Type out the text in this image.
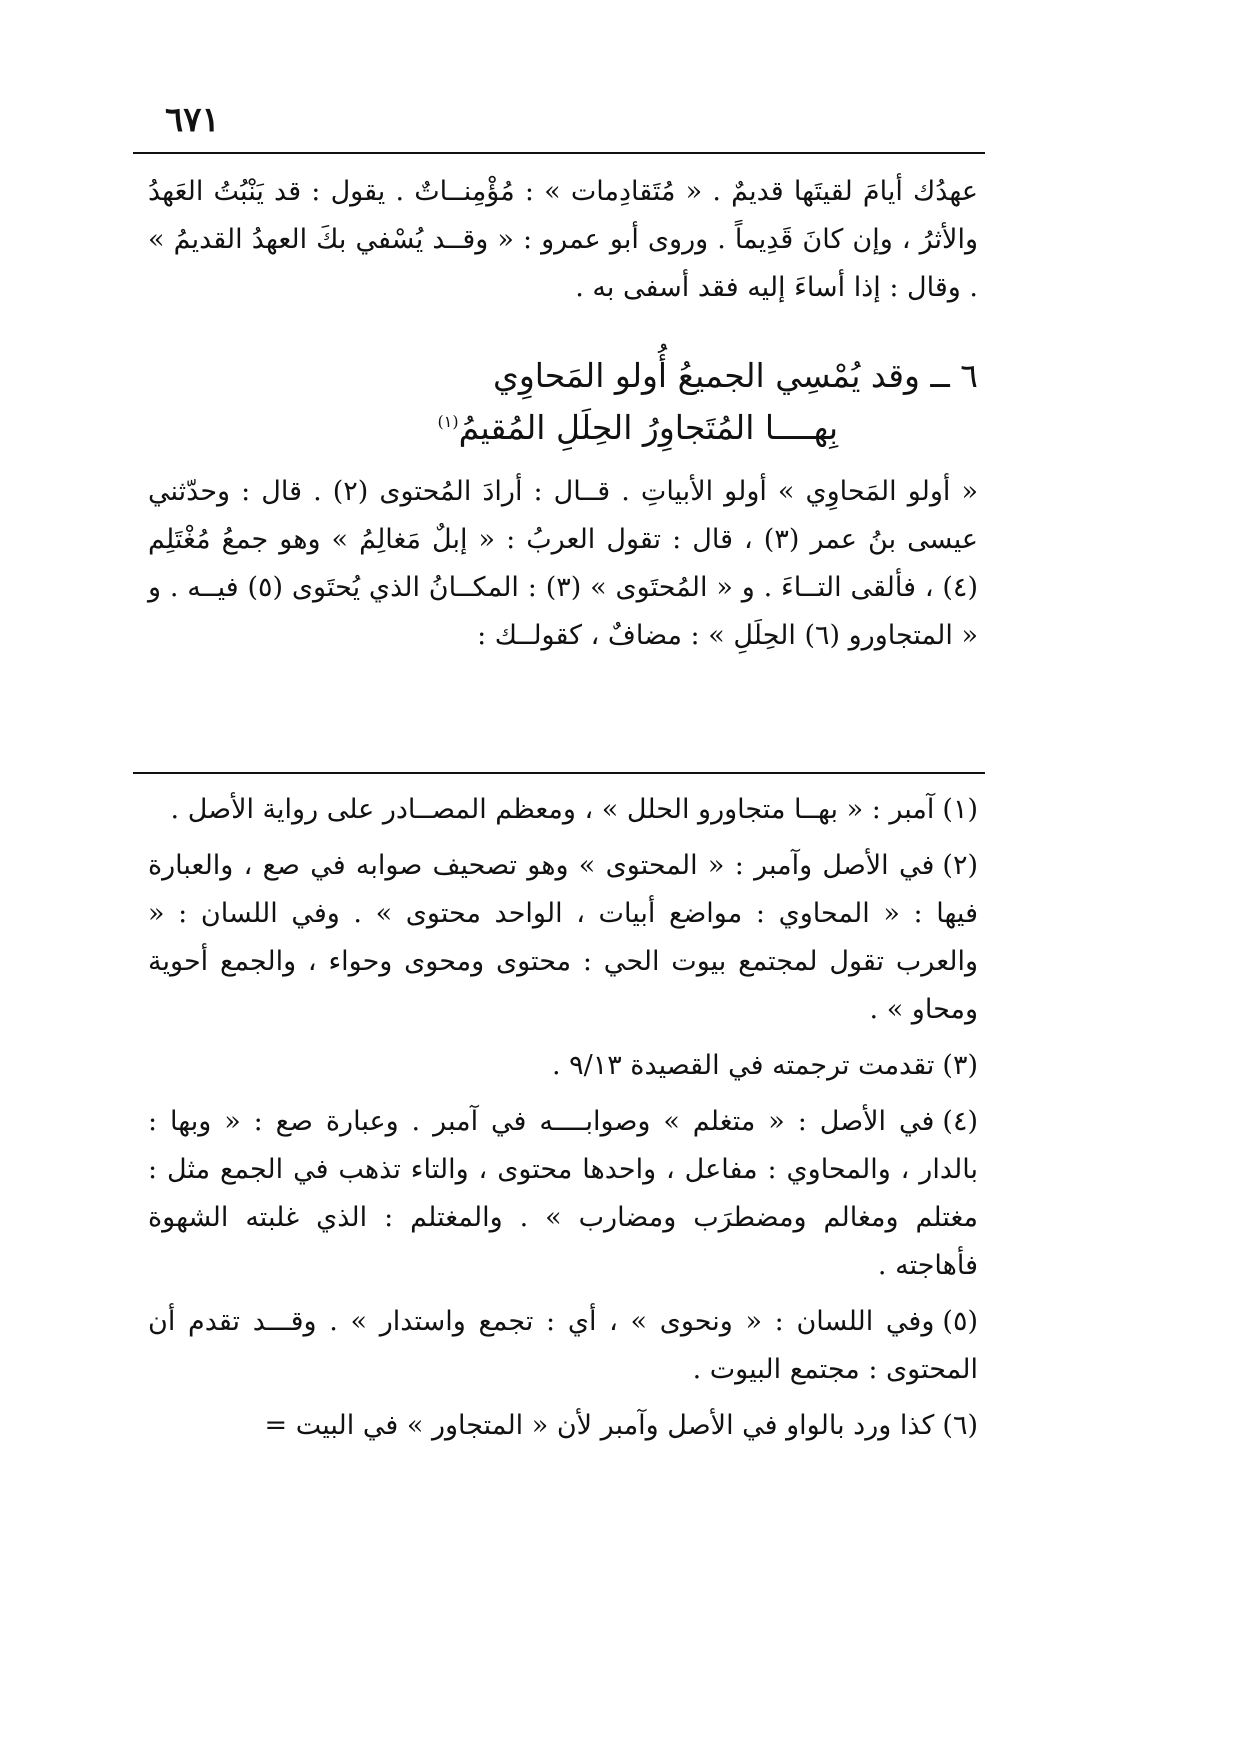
٦٧١

عهدُك أيامَ لقيتَها قديمٌ . « مُتَقادِمات » : مُؤْمِنــاتٌ . يقول : قد يَنْبُتُ العَهدُ والأثرُ ، وإن كانَ قَدِيماً . وروى أبو عمرو : « وقــد يُسْفي بكَ العهدُ القديمُ » . وقال : إذا أساءَ إليه فقد أسفى به .

٦ ــ وقد يُمْسِي الجميعُ أُولو المَحاوِي

بِهــــا المُتَجاوِرُ الحِلَلِ المُقيمُ$^{(١)}$

« أولو المَحاوِي » أولو الأبياتِ . قــال : أرادَ المُحتوى (٢) . قال : وحدّثني عيسى بنُ عمر (٣) ، قال : تقول العربُ : « إبلٌ مَغالِمُ » وهو جمعُ مُغْتَلِم (٤) ، فألقى التــاءَ . و « المُحتَوى » (٣) : المكــانُ الذي يُحتَوى (٥) فيــه . و « المتجاورو (٦) الحِلَلِ » : مضافٌ ، كقولــك :

(١)آمبر : « بهــا متجاورو الحلل » ، ومعظم المصــادر على رواية الأصل .

(٢)في الأصل وآمبر : « المحتوى » وهو تصحيف صوابه في صع ، والعبارة فيها : « المحاوي : مواضع أبيات ، الواحد محتوى » . وفي اللسان : « والعرب تقول لمجتمع بيوت الحي : محتوى ومحوى وحواء ، والجمع أحوية ومحاو » .

(٣)تقدمت ترجمته في القصيدة ٩/١٣ .

(٤)في الأصل : « متغلم » وصوابــــه في آمبر . وعبارة صع : « وبها : بالدار ، والمحاوي : مفاعل ، واحدها محتوى ، والتاء تذهب في الجمع مثل : مغتلم ومغالم ومضطرَب ومضارب » . والمغتلم : الذي غلبته الشهوة فأهاجته .

(٥)وفي اللسان : « ونحوى » ، أي : تجمع واستدار » . وقـــد تقدم أن المحتوى : مجتمع البيوت .

(٦)كذا ورد بالواو في الأصل وآمبر لأن « المتجاور » في البيت =
